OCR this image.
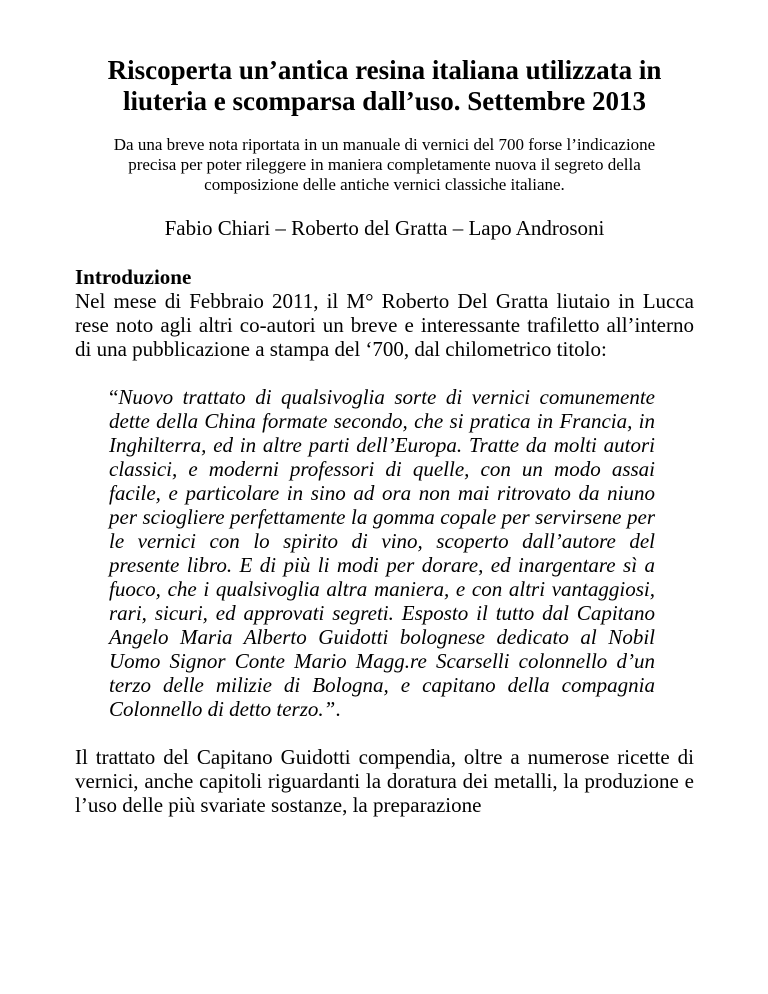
Riscoperta un’antica resina italiana utilizzata in liuteria e scomparsa dall’uso. Settembre 2013
Da una breve nota riportata in un manuale di vernici del 700 forse l’indicazione precisa per poter rileggere in maniera completamente nuova il segreto della composizione delle antiche vernici classiche italiane.
Fabio Chiari – Roberto del Gratta – Lapo Androsoni
Introduzione

Nel mese di Febbraio 2011, il M° Roberto Del Gratta liutaio in Lucca rese noto agli altri co-autori un breve e interessante trafiletto all’interno di una pubblicazione a stampa del ‘700, dal chilometrico titolo:

“Nuovo trattato di qualsivoglia sorte di vernici comunemente dette della China formate secondo, che si pratica in Francia, in Inghilterra, ed in altre parti dell’Europa. Tratte da molti autori classici, e moderni professori di quelle, con un modo assai facile, e particolare in sino ad ora non mai ritrovato da niuno per sciogliere perfettamente la gomma copale per servirsene per le vernici con lo spirito di vino, scoperto dall’autore del presente libro. E di più li modi per dorare, ed inargentare sì a fuoco, che i qualsivoglia altra maniera, e con altri vantaggiosi, rari, sicuri, ed approvati segreti. Esposto il tutto dal Capitano Angelo Maria Alberto Guidotti bolognese dedicato al Nobil Uomo Signor Conte Mario Magg.re Scarselli colonnello d’un terzo delle milizie di Bologna, e capitano della compagnia Colonnello di detto terzo.”.

Il trattato del Capitano Guidotti compendia, oltre a numerose ricette di vernici, anche capitoli riguardanti la doratura dei metalli, la produzione e l’uso delle più svariate sostanze, la preparazione
